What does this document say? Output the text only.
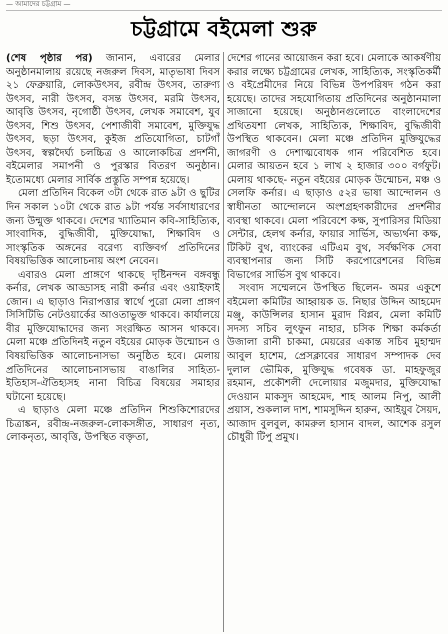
— আমাদের চট্টগ্রাম —
চট্টগ্রামে বইমেলা শুরু

(শেষ পৃষ্ঠার পর) জানান, এবারের মেলার অনুষ্ঠানমালায় রয়েছে নজরুল দিবস, মাতৃভাষা দিবস ২১ ফেব্রুয়ারি, লোকউৎসব, রবীন্দ্র উৎসব, তারুণ্য উৎসব, নারী উৎসব, বসন্ত উৎসব, মরমি উৎসব, আবৃত্তি উৎসব, নৃগোষ্ঠী উৎসব, লেখক সমাবেশ, যুব উৎসব, শিশু উৎসব, পেশাজীবী সমাবেশ, মুক্তিযুদ্ধ উৎসব, ছড়া উৎসব, কুইজ প্রতিযোগিতা, চাটগাঁ উৎসব, স্বল্পদৈর্ঘ্য চলচ্চিত্র ও আলোকচিত্র প্রদর্শনী, বইমেলার সমাপনী ও পুরস্কার বিতরণ অনুষ্ঠান। ইতোমধ্যে মেলার সার্বিক প্রস্তুতি সম্পন্ন হয়েছে।

মেলা প্রতিদিন বিকেল ৩টা থেকে রাত ৯টা ও ছুটির দিন সকাল ১০টা থেকে রাত ৯টা পর্যন্ত সর্বসাধারণের জন্য উন্মুক্ত থাকবে। দেশের খ্যাতিমান কবি-সাহিত্যিক, সাংবাদিক, বুদ্ধিজীবী, মুক্তিযোদ্ধা, শিক্ষাবিদ ও সাংস্কৃতিক অঙ্গনের বরেণ্য ব্যক্তিবর্গ প্রতিদিনের বিষয়ভিত্তিক আলোচনায় অংশ নেবেন।

এবারও মেলা প্রাঙ্গণে থাকছে দৃষ্টিনন্দন বঙ্গবন্ধু কর্নার, লেখক আড্ডাসহ নারী কর্নার এবং ওয়াইফাই জোন। এ ছাড়াও নিরাপত্তার স্বার্থে পুরো মেলা প্রাঙ্গণ সিসিটিভি নেটওয়ার্কের আওতাভুক্ত থাকবে। কার্যালয়ে বীর মুক্তিযোদ্ধাদের জন্য সংরক্ষিত আসন থাকবে। মেলা মঞ্চে প্রতিদিনই নতুন বইয়ের মোড়ক উন্মোচন ও বিষয়ভিত্তিক আলোচনাসভা অনুষ্ঠিত হবে। মেলায় প্রতিদিনের আলোচনাসভায় বাঙালির সাহিত্য-ইতিহাস-ঐতিহ্যসহ নানা বিচিত্র বিষয়ের সমাহার ঘটানো হয়েছে।

এ ছাড়াও মেলা মঞ্চে প্রতিদিন শিশুকিশোরদের চিত্রাঙ্কন, রবীন্দ্র-নজরুল-লোকসঙ্গীত, সাধারণ নৃত্য, লোকনৃত্য, আবৃত্তি, উপস্থিত বক্তৃতা,

দেশের গানের আয়োজন করা হবে। মেলাকে আকর্ষণীয় করার লক্ষ্যে চট্টগ্রামের লেখক, সাহিত্যিক, সংস্কৃতিকর্মী ও বইপ্রেমীদের নিয়ে বিভিন্ন উপপরিষদ গঠন করা হয়েছে। তাদের সহযোগিতায় প্রতিদিনের অনুষ্ঠানমালা সাজানো হয়েছে। অনুষ্ঠানগুলোতে বাংলাদেশের প্রথিতযশা লেখক, সাহিত্যিক, শিক্ষাবিদ, বুদ্ধিজীবী উপস্থিত থাকবেন। মেলা মঞ্চে প্রতিদিন মুক্তিযুদ্ধের জাগরণী ও দেশাত্মবোধক গান পরিবেশিত হবে। মেলার আয়তন হবে ১ লাখ ২ হাজার ৩০০ বর্গফুট। মেলায় থাকছে- নতুন বইয়ের মোড়ক উন্মোচন, মঞ্চ ও সেলফি কর্নার। এ ছাড়াও ৫২র ভাষা আন্দোলন ও স্বাধীনতা আন্দোলনে অংশগ্রহণকারীদের প্রদর্শনীর ব্যবস্থা থাকবে। মেলা পরিবেশে কক্ষ, সুপারিসর মিডিয়া সেন্টার, হেলথ কর্নার, ফায়ার সার্ভিস, অভ্যর্থনা কক্ষ, টিকিট বুথ, ব্যাংকের এটিএম বুথ, সর্বক্ষণিক সেবা ব্যবস্থাপনার জন্য সিটি করপোরেশনের বিভিন্ন বিভাগের সার্ভিস বুথ থাকবে।

সংবাদ সম্মেলনে উপস্থিত ছিলেন- অমর একুশে বইমেলা কমিটির আহ্বায়ক ড. নিছার উদ্দিন আহমেদ মঞ্জু, কাউন্সিলর হাসান মুরাদ বিপ্লব, মেলা কমিটি সদস্য সচিব লুৎফুন নাহার, চসিক শিক্ষা কর্মকর্তা উজালা রানী চাকমা, মেয়রের একান্ত সচিব মুহাম্মদ আবুল হাশেম, প্রেসক্লাবের সাধারণ সম্পাদক দেব দুলাল ভৌমিক, মুক্তিযুদ্ধ গবেষক ডা. মাহফুজুর রহমান, প্রকৌশলী দেলোয়ার মজুমদার, মুক্তিযোদ্ধা দেওয়ান মাকসুদ আহমেদ, শাহ আলম নিপু, আলী প্রয়াস, শুকলাল দাশ, শামসুদ্দিন হারুন, আইয়ুব সৈয়দ, আজাদ বুলবুল, কামরুল হাসান বাদল, আশেক রসুল চৌধুরী টিপু প্রমুখ।
